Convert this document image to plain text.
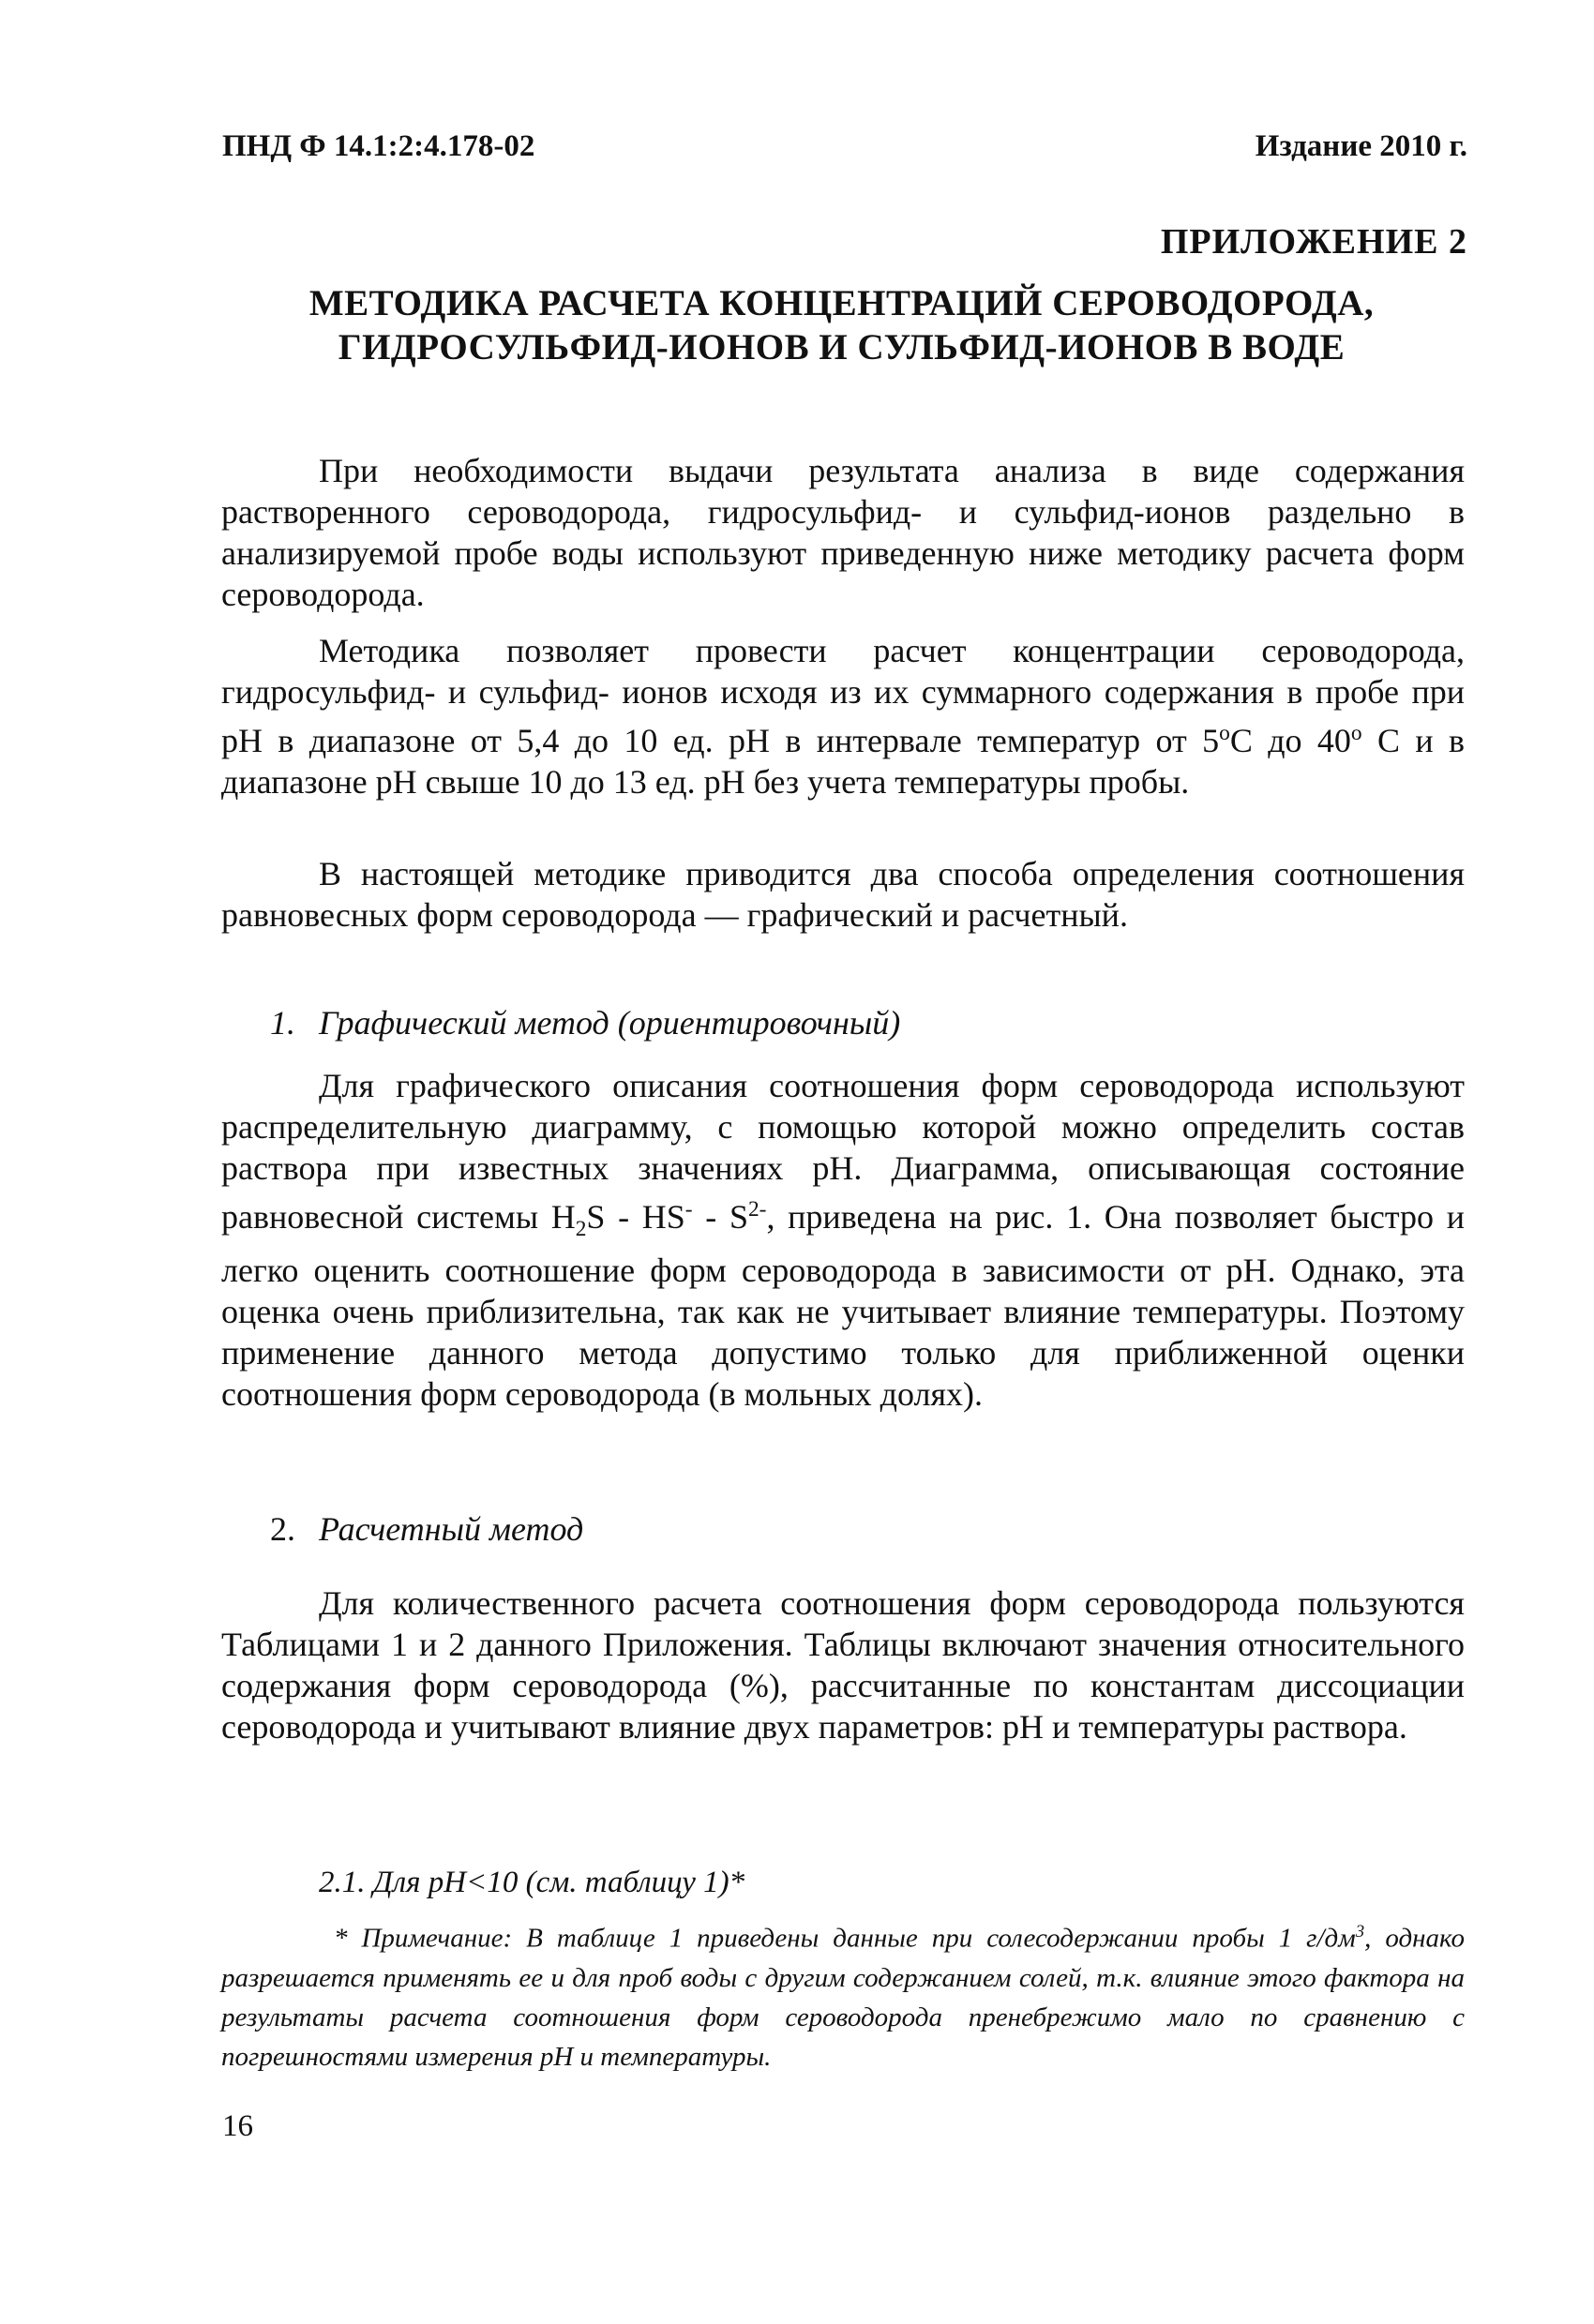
ПНД Ф 14.1:2:4.178-02	Издание 2010 г.
ПРИЛОЖЕНИЕ 2
МЕТОДИКА РАСЧЕТА КОНЦЕНТРАЦИЙ СЕРОВОДОРОДА,
ГИДРОСУЛЬФИД-ИОНОВ И СУЛЬФИД-ИОНОВ В ВОДЕ

При необходимости выдачи результата анализа в виде содержания растворенного сероводорода, гидросульфид- и сульфид-ионов раздельно в анализируемой пробе воды используют приведенную ниже методику расчета форм сероводорода.

Методика позволяет провести расчет концентрации сероводорода, гидросульфид- и сульфид- ионов исходя из их суммарного содержания в пробе при рН в диапазоне от 5,4 до 10 ед. рН в интервале температур от $5^оС$ до $40^о$ С и в диапазоне рН свыше 10 до 13 ед. рН без учета температуры пробы.

В настоящей методике приводится два способа определения соотношения равновесных форм сероводорода — графический и расчетный.

1. Графический метод (ориентировочный)

Для графического описания соотношения форм сероводорода используют распределительную диаграмму, с помощью которой можно определить состав раствора при известных значениях рН. Диаграмма, описывающая состояние равновесной системы $H_2S - HS^- - S^{2-}$, приведена на рис. 1. Она позволяет быстро и легко оценить соотношение форм сероводорода в зависимости от рН. Однако, эта оценка очень приблизительна, так как не учитывает влияние температуры. Поэтому применение данного метода допустимо только для приближенной оценки соотношения форм сероводорода (в мольных долях).

2. Расчетный метод

Для количественного расчета соотношения форм сероводорода пользуются Таблицами 1 и 2 данного Приложения. Таблицы включают значения относительного содержания форм сероводорода (%), рассчитанные по константам диссоциации сероводорода и учитывают влияние двух параметров: рН и температуры раствора.

2.1. Для pH<10 (см. таблицу 1)*

* Примечание: В таблице 1 приведены данные при солесодержании пробы 1 $г/дм^3$, однако разрешается применять ее и для проб воды с другим содержанием солей, т.к. влияние этого фактора на результаты расчета соотношения форм сероводорода пренебрежимо мало по сравнению с погрешностями измерения pH и температуры.

16
